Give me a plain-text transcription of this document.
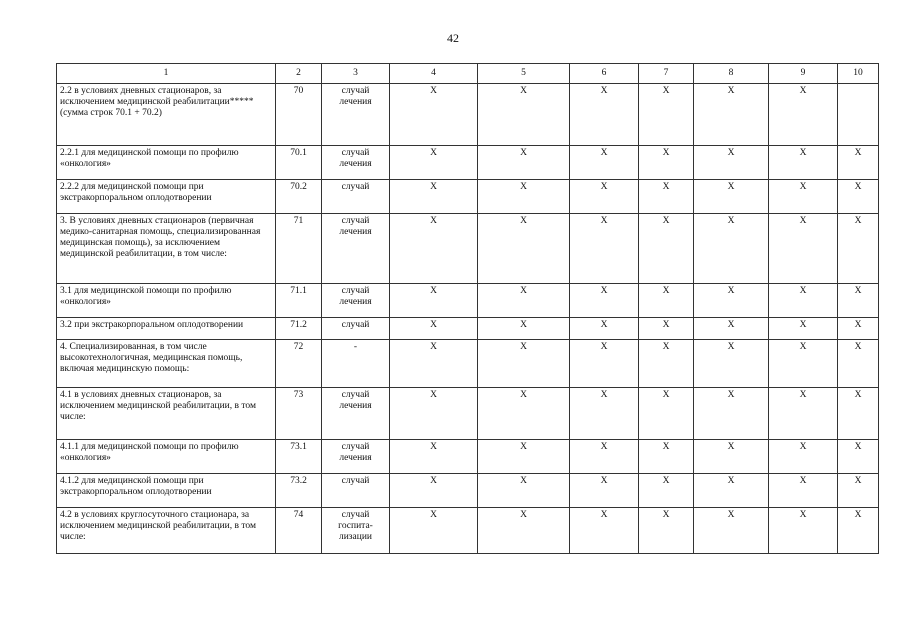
42
1	2	3	4	5	6	7	8	9	10
2.2 в условиях дневных стационаров, за исключением медицинской реабилитации***** (сумма строк 70.1 + 70.2)	70	случай лечения	X	X	X	X	X	X	
2.2.1 для медицинской помощи по профилю «онкология»	70.1	случай лечения	X	X	X	X	X	X	X
2.2.2 для медицинской помощи при экстракорпоральном оплодотворении	70.2	случай	X	X	X	X	X	X	X
3. В условиях дневных стационаров (первичная медико-санитарная помощь, специализированная медицинская помощь), за исключением медицинской реабилитации, в том числе:	71	случай лечения	X	X	X	X	X	X	X
3.1 для медицинской помощи по профилю «онкология»	71.1	случай лечения	X	X	X	X	X	X	X
3.2 при экстракорпоральном оплодотворении	71.2	случай	X	X	X	X	X	X	X
4. Специализированная, в том числе высокотехнологичная, медицинская помощь, включая медицинскую помощь:	72	-	X	X	X	X	X	X	X
4.1 в условиях дневных стационаров, за исключением медицинской реабилитации, в том числе:	73	случай лечения	X	X	X	X	X	X	X
4.1.1 для медицинской помощи по профилю «онкология»	73.1	случай лечения	X	X	X	X	X	X	X
4.1.2 для медицинской помощи при экстракорпоральном оплодотворении	73.2	случай	X	X	X	X	X	X	X
4.2 в условиях круглосуточного стационара, за исключением медицинской реабилитации, в том числе:	74	случай госпита-лизации	X	X	X	X	X	X	X
